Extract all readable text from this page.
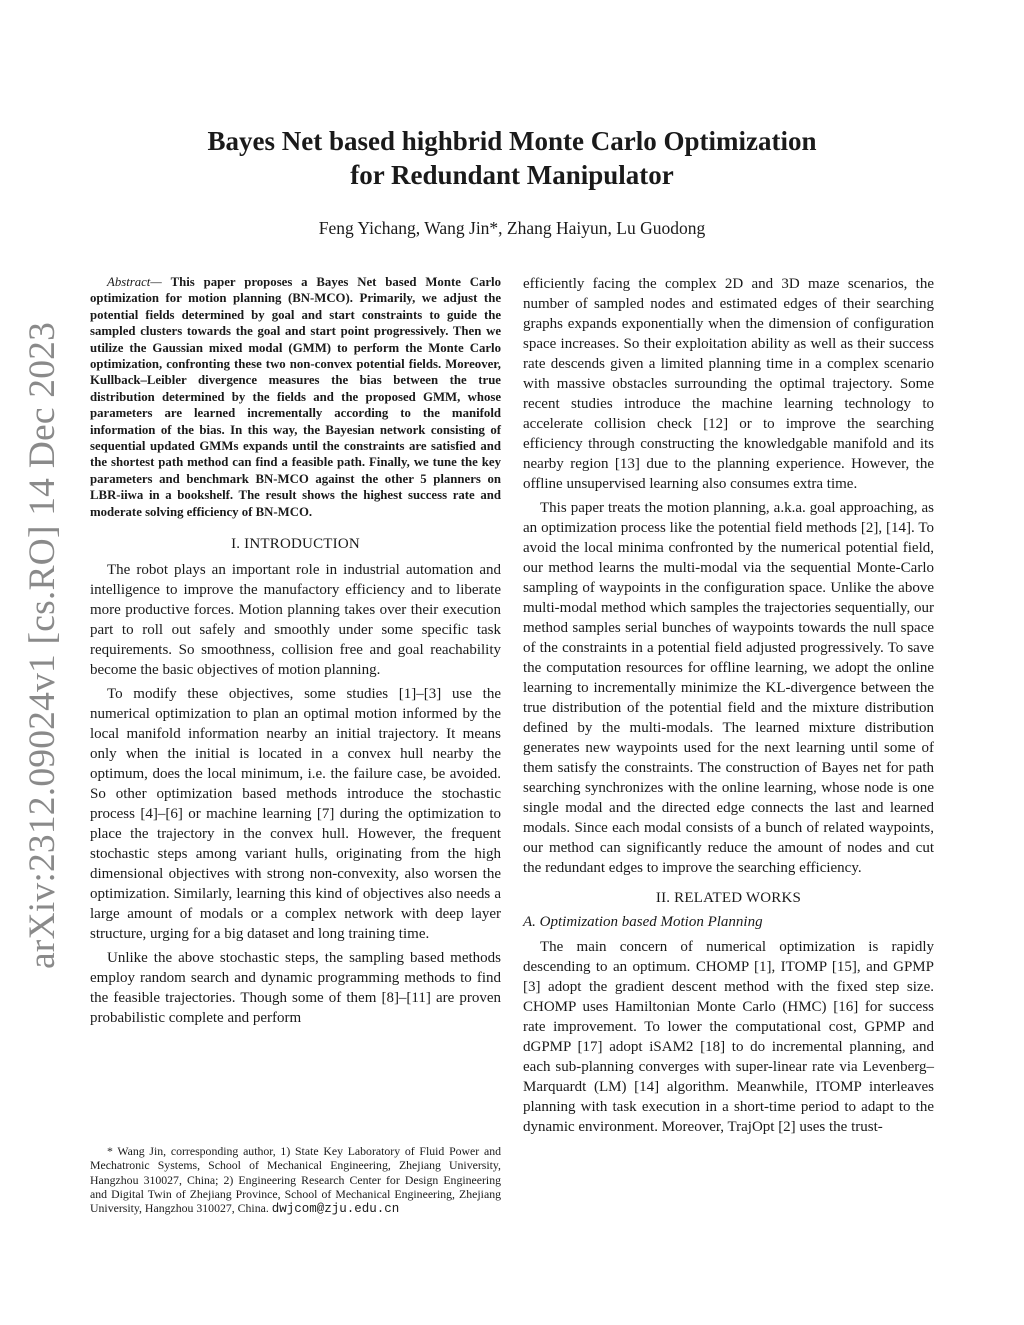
arXiv:2312.09024v1 [cs.RO] 14 Dec 2023
Bayes Net based highbrid Monte Carlo Optimization
for Redundant Manipulator
Feng Yichang, Wang Jin*, Zhang Haiyun, Lu Guodong

Abstract— This paper proposes a Bayes Net based Monte Carlo optimization for motion planning (BN-MCO). Primarily, we adjust the potential fields determined by goal and start constraints to guide the sampled clusters towards the goal and start point progressively. Then we utilize the Gaussian mixed modal (GMM) to perform the Monte Carlo optimization, confronting these two non-convex potential fields. Moreover, Kullback–Leibler divergence measures the bias between the true distribution determined by the fields and the proposed GMM, whose parameters are learned incrementally according to the manifold information of the bias. In this way, the Bayesian network consisting of sequential updated GMMs expands until the constraints are satisfied and the shortest path method can find a feasible path. Finally, we tune the key parameters and benchmark BN-MCO against the other 5 planners on LBR-iiwa in a bookshelf. The result shows the highest success rate and moderate solving efficiency of BN-MCO.

I. INTRODUCTION

The robot plays an important role in industrial automation and intelligence to improve the manufactory efficiency and to liberate more productive forces. Motion planning takes over their execution part to roll out safely and smoothly under some specific task requirements. So smoothness, collision free and goal reachability become the basic objectives of motion planning.

To modify these objectives, some studies [1]–[3] use the numerical optimization to plan an optimal motion informed by the local manifold information nearby an initial trajectory. It means only when the initial is located in a convex hull nearby the optimum, does the local minimum, i.e. the failure case, be avoided. So other optimization based methods introduce the stochastic process [4]–[6] or machine learning [7] during the optimization to place the trajectory in the convex hull. However, the frequent stochastic steps among variant hulls, originating from the high dimensional objectives with strong non-convexity, also worsen the optimization. Similarly, learning this kind of objectives also needs a large amount of modals or a complex network with deep layer structure, urging for a big dataset and long training time.

Unlike the above stochastic steps, the sampling based methods employ random search and dynamic programming methods to find the feasible trajectories. Though some of them [8]–[11] are proven probabilistic complete and perform

* Wang Jin, corresponding author, 1) State Key Laboratory of Fluid Power and Mechatronic Systems, School of Mechanical Engineering, Zhejiang University, Hangzhou 310027, China; 2) Engineering Research Center for Design Engineering and Digital Twin of Zhejiang Province, School of Mechanical Engineering, Zhejiang University, Hangzhou 310027, China. dwjcom@zju.edu.cn

efficiently facing the complex 2D and 3D maze scenarios, the number of sampled nodes and estimated edges of their searching graphs expands exponentially when the dimension of configuration space increases. So their exploitation ability as well as their success rate descends given a limited planning time in a complex scenario with massive obstacles surrounding the optimal trajectory. Some recent studies introduce the machine learning technology to accelerate collision check [12] or to improve the searching efficiency through constructing the knowledgable manifold and its nearby region [13] due to the planning experience. However, the offline unsupervised learning also consumes extra time.

This paper treats the motion planning, a.k.a. goal approaching, as an optimization process like the potential field methods [2], [14]. To avoid the local minima confronted by the numerical potential field, our method learns the multi-modal via the sequential Monte-Carlo sampling of waypoints in the configuration space. Unlike the above multi-modal method which samples the trajectories sequentially, our method samples serial bunches of waypoints towards the null space of the constraints in a potential field adjusted progressively. To save the computation resources for offline learning, we adopt the online learning to incrementally minimize the KL-divergence between the true distribution of the potential field and the mixture distribution defined by the multi-modals. The learned mixture distribution generates new waypoints used for the next learning until some of them satisfy the constraints. The construction of Bayes net for path searching synchronizes with the online learning, whose node is one single modal and the directed edge connects the last and learned modals. Since each modal consists of a bunch of related waypoints, our method can significantly reduce the amount of nodes and cut the redundant edges to improve the searching efficiency.

II. RELATED WORKS
A. Optimization based Motion Planning

The main concern of numerical optimization is rapidly descending to an optimum. CHOMP [1], ITOMP [15], and GPMP [3] adopt the gradient descent method with the fixed step size. CHOMP uses Hamiltonian Monte Carlo (HMC) [16] for success rate improvement. To lower the computational cost, GPMP and dGPMP [17] adopt iSAM2 [18] to do incremental planning, and each sub-planning converges with super-linear rate via Levenberg–Marquardt (LM) [14] algorithm. Meanwhile, ITOMP interleaves planning with task execution in a short-time period to adapt to the dynamic environment. Moreover, TrajOpt [2] uses the trust-
